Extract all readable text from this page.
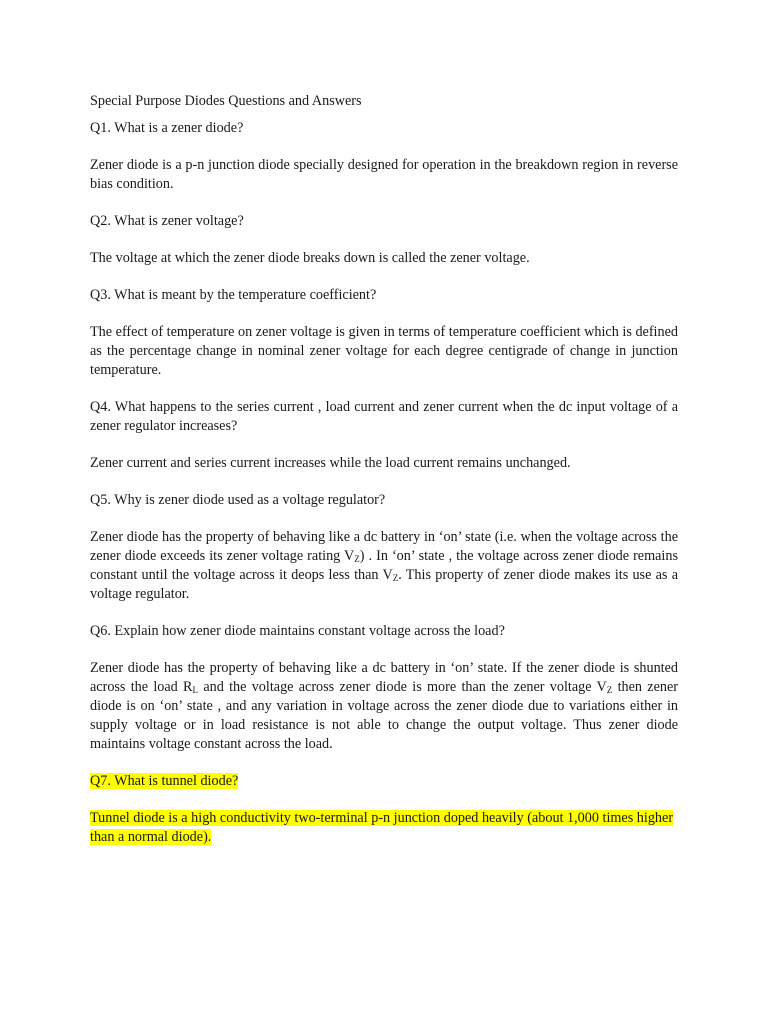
Special Purpose Diodes Questions and Answers

Q1. What is a zener diode?

Zener diode is a p-n junction diode specially designed for operation in the breakdown region in reverse bias condition.

Q2. What is zener voltage?

The voltage at which the zener diode breaks down is called the zener voltage.

Q3. What is meant by the temperature coefficient?

The effect of temperature on zener voltage is given in terms of temperature coefficient which is defined as the percentage change in nominal zener voltage for each degree centigrade of change in junction temperature.

Q4. What happens to the series current , load current and zener current when the dc input voltage of a zener regulator increases?

Zener current and series current increases while the load current remains unchanged.

Q5. Why is zener diode used as a voltage regulator?

Zener diode has the property of behaving like a dc battery in ‘on’ state (i.e. when the voltage across the zener diode exceeds its zener voltage rating $V_Z$) . In ‘on’ state , the voltage across zener diode remains constant until the voltage across it deops less than $V_Z$. This property of zener diode makes its use as a voltage regulator.

Q6. Explain how zener diode maintains constant voltage across the load?

Zener diode has the property of behaving like a dc battery in ‘on’ state. If the zener diode is shunted across the load $R_L$ and the voltage across zener diode is more than the zener voltage $V_Z$ then zener diode is on ‘on’ state , and any variation in voltage across the zener diode due to variations either in supply voltage or in load resistance is not able to change the output voltage. Thus zener diode maintains voltage constant across the load.

Q7. What is tunnel diode?

Tunnel diode is a high conductivity two-terminal p-n junction doped heavily (about 1,000 times higher than a normal diode).
